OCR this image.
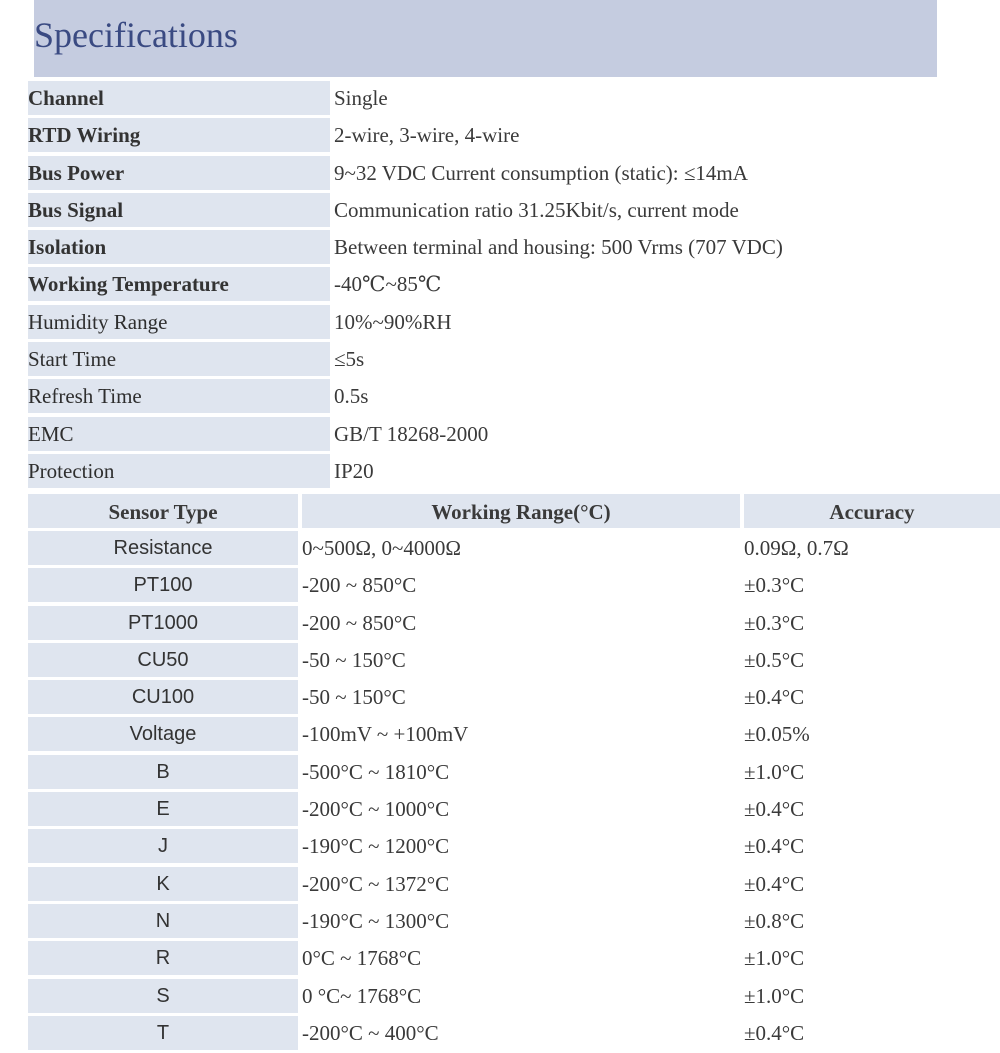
Specifications
Channel	Single
RTD Wiring	2-wire, 3-wire, 4-wire
Bus Power	9~32 VDC Current consumption (static): ≤14mA
Bus Signal	Communication ratio 31.25Kbit/s, current mode
Isolation	Between terminal and housing: 500 Vrms (707 VDC)
Working Temperature	-40℃~85℃
Humidity Range	10%~90%RH
Start Time	≤5s
Refresh Time	0.5s
EMC	GB/T 18268-2000
Protection	IP20
Sensor Type	Working Range(°C)	Accuracy
Resistance	0~500Ω, 0~4000Ω	0.09Ω, 0.7Ω
PT100	-200 ~ 850°C	±0.3°C
PT1000	-200 ~ 850°C	±0.3°C
CU50	-50 ~ 150°C	±0.5°C
CU100	-50 ~ 150°C	±0.4°C
Voltage	-100mV ~ +100mV	±0.05%
B	-500°C ~ 1810°C	±1.0°C
E	-200°C ~ 1000°C	±0.4°C
J	-190°C ~ 1200°C	±0.4°C
K	-200°C ~ 1372°C	±0.4°C
N	-190°C ~ 1300°C	±0.8°C
R	0°C ~ 1768°C	±1.0°C
S	0 °C~ 1768°C	±1.0°C
T	-200°C ~ 400°C	±0.4°C
